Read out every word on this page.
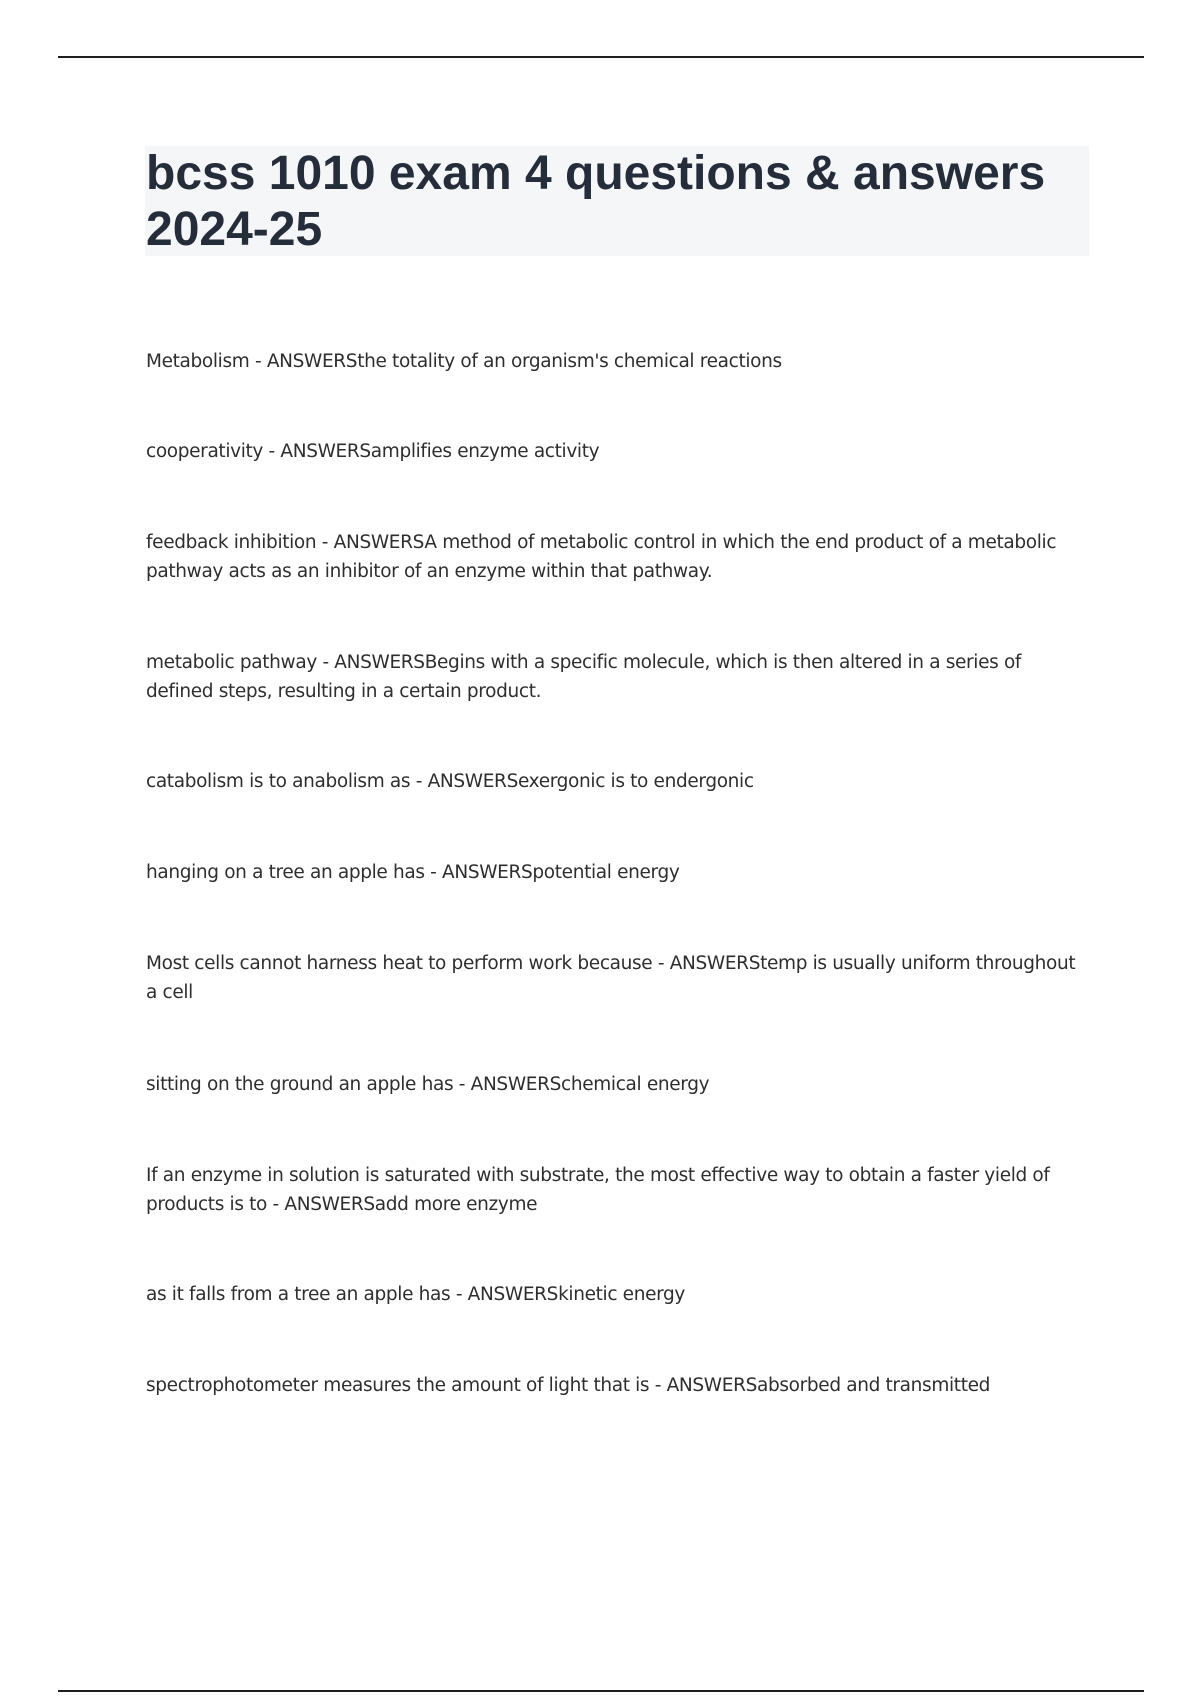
bcss 1010 exam 4 questions & answers 2024-25
Metabolism - ANSWERSthe totality of an organism's chemical reactions
cooperativity - ANSWERSamplifies enzyme activity
feedback inhibition - ANSWERSA method of metabolic control in which the end product of a metabolic pathway acts as an inhibitor of an enzyme within that pathway.
metabolic pathway - ANSWERSBegins with a specific molecule, which is then altered in a series of defined steps, resulting in a certain product.
catabolism is to anabolism as - ANSWERSexergonic is to endergonic
hanging on a tree an apple has - ANSWERSpotential energy
Most cells cannot harness heat to perform work because - ANSWERStemp is usually uniform throughout a cell
sitting on the ground an apple has - ANSWERSchemical energy
If an enzyme in solution is saturated with substrate, the most effective way to obtain a faster yield of products is to - ANSWERSadd more enzyme
as it falls from a tree an apple has - ANSWERSkinetic energy
spectrophotometer measures the amount of light that is - ANSWERSabsorbed and transmitted
